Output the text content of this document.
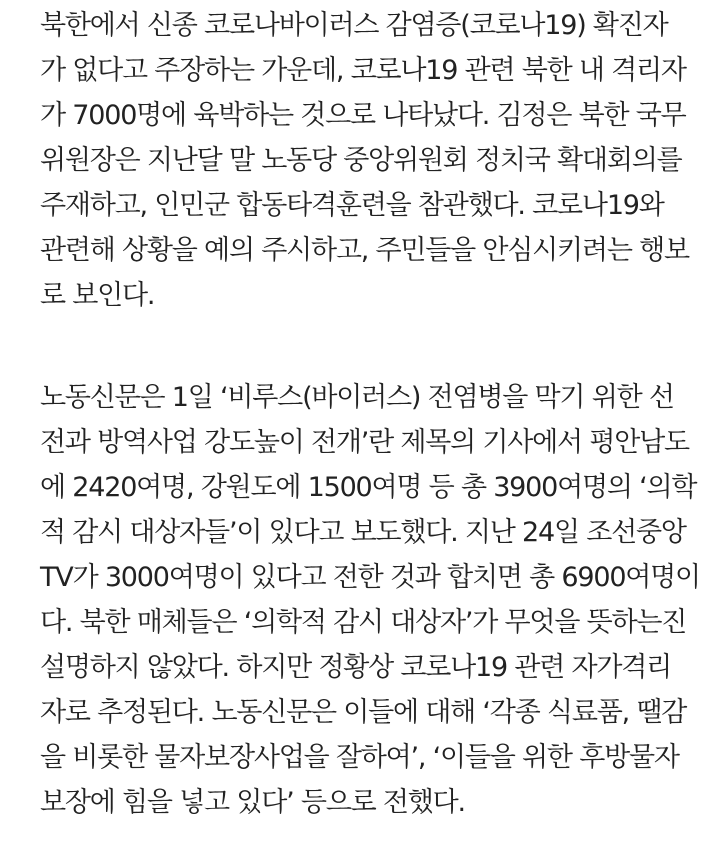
북한에서 신종 코로나바이러스 감염증(코로나19) 확진자
가 없다고 주장하는 가운데, 코로나19 관련 북한 내 격리자
가 7000명에 육박하는 것으로 나타났다. 김정은 북한 국무
위원장은 지난달 말 노동당 중앙위원회 정치국 확대회의를
주재하고, 인민군 합동타격훈련을 참관했다. 코로나19와
관련해 상황을 예의 주시하고, 주민들을 안심시키려는 행보
로 보인다.
노동신문은 1일 ‘비루스(바이러스) 전염병을 막기 위한 선
전과 방역사업 강도높이 전개’란 제목의 기사에서 평안남도
에 2420여명, 강원도에 1500여명 등 총 3900여명의 ‘의학
적 감시 대상자들’이 있다고 보도했다. 지난 24일 조선중앙
TV가 3000여명이 있다고 전한 것과 합치면 총 6900여명이
다. 북한 매체들은 ‘의학적 감시 대상자’가 무엇을 뜻하는진
설명하지 않았다. 하지만 정황상 코로나19 관련 자가격리
자로 추정된다. 노동신문은 이들에 대해 ‘각종 식료품, 땔감
을 비롯한 물자보장사업을 잘하여’, ‘이들을 위한 후방물자
보장에 힘을 넣고 있다’ 등으로 전했다.
